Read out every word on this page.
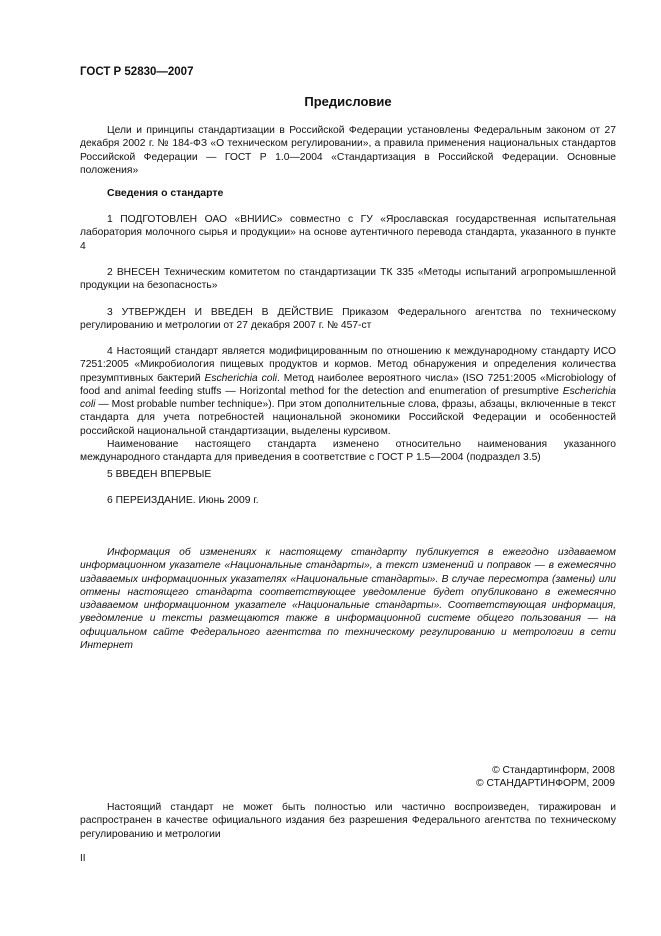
ГОСТ Р 52830—2007
Предисловие

Цели и принципы стандартизации в Российской Федерации установлены Федеральным законом от 27 декабря 2002 г. № 184-ФЗ «О техническом регулировании», а правила применения национальных стандартов Российской Федерации — ГОСТ Р 1.0—2004 «Стандартизация в Российской Федерации. Основные положения»

Сведения о стандарте

1 ПОДГОТОВЛЕН ОАО «ВНИИС» совместно с ГУ «Ярославская государственная испытательная лаборатория молочного сырья и продукции» на основе аутентичного перевода стандарта, указанного в пункте 4

2 ВНЕСЕН Техническим комитетом по стандартизации ТК 335 «Методы испытаний агропромышленной продукции на безопасность»

3 УТВЕРЖДЕН И ВВЕДЕН В ДЕЙСТВИЕ Приказом Федерального агентства по техническому регулированию и метрологии от 27 декабря 2007 г. № 457-ст

4 Настоящий стандарт является модифицированным по отношению к международному стандарту ИСО 7251:2005 «Микробиология пищевых продуктов и кормов. Метод обнаружения и определения количества презумптивных бактерий Escherichia coli. Метод наиболее вероятного числа» (ISO 7251:2005 «Microbiology of food and animal feeding stuffs — Horizontal method for the detection and enumeration of presumptive Escherichia coli — Most probable number technique»). При этом дополнительные слова, фразы, абзацы, включенные в текст стандарта для учета потребностей национальной экономики Российской Федерации и особенностей российской национальной стандартизации, выделены курсивом.

Наименование настоящего стандарта изменено относительно наименования указанного международного стандарта для приведения в соответствие с ГОСТ Р 1.5—2004 (подраздел 3.5)

5 ВВЕДЕН ВПЕРВЫЕ

6 ПЕРЕИЗДАНИЕ. Июнь 2009 г.

Информация об изменениях к настоящему стандарту публикуется в ежегодно издаваемом информационном указателе «Национальные стандарты», а текст изменений и поправок — в ежемесячно издаваемых информационных указателях «Национальные стандарты». В случае пересмотра (замены) или отмены настоящего стандарта соответствующее уведомление будет опубликовано в ежемесячно издаваемом информационном указателе «Национальные стандарты». Соответствующая информация, уведомление и тексты размещаются также в информационной системе общего пользования — на официальном сайте Федерального агентства по техническому регулированию и метрологии в сети Интернет

© Стандартинформ, 2008
© СТАНДАРТИНФОРМ, 2009

Настоящий стандарт не может быть полностью или частично воспроизведен, тиражирован и распространен в качестве официального издания без разрешения Федерального агентства по техническому регулированию и метрологии

II
